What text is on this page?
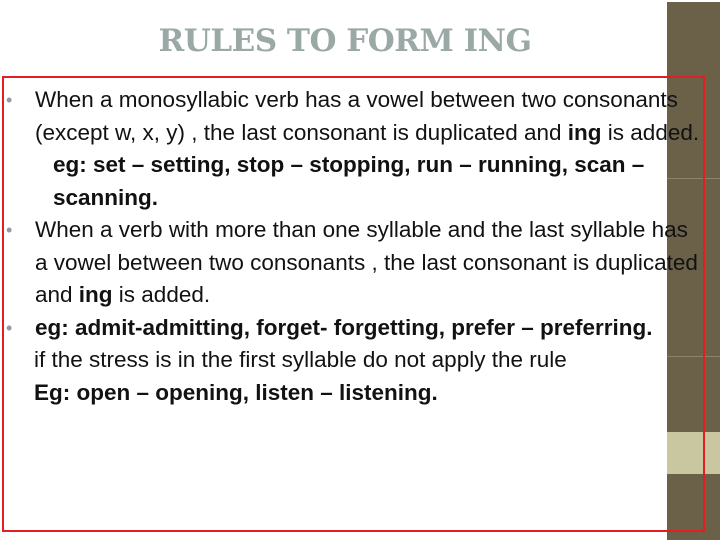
RULES TO FORM ING

• When a monosyllabic verb has a vowel between two consonants (except w, x, y) , the last consonant is duplicated and ing is added.

eg: set – setting, stop – stopping, run – running, scan – scanning.

• When a verb with more than one syllable and the last syllable has a vowel between two consonants , the last consonant is duplicated and ing is added.

• eg: admit-admitting, forget- forgetting, prefer – preferring.

if the stress is in the first syllable do not apply the rule

Eg: open – opening, listen – listening.
